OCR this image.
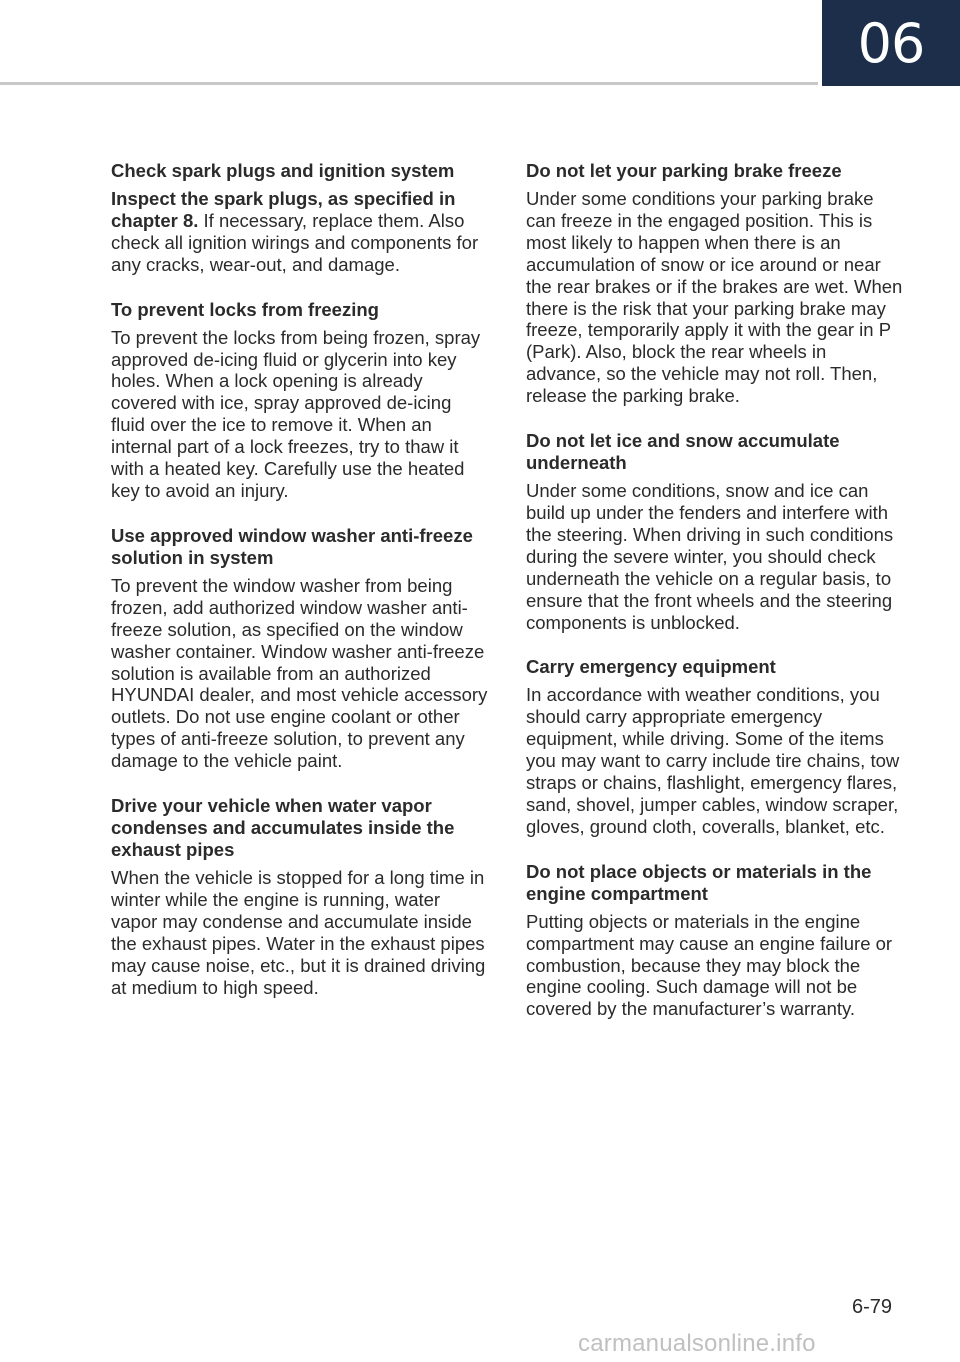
06
Check spark plugs and ignition system

Inspect the spark plugs, as specified in chapter 8. If necessary, replace them. Also check all ignition wirings and components for any cracks, wear-out, and damage.

To prevent locks from freezing

To prevent the locks from being frozen, spray approved de-icing fluid or glycerin into key holes. When a lock opening is already covered with ice, spray approved de-icing fluid over the ice to remove it. When an internal part of a lock freezes, try to thaw it with a heated key. Carefully use the heated key to avoid an injury.

Use approved window washer anti-freeze solution in system

To prevent the window washer from being frozen, add authorized window washer anti-freeze solution, as specified on the window washer container. Window washer anti-freeze solution is available from an authorized HYUNDAI dealer, and most vehicle accessory outlets. Do not use engine coolant or other types of anti-freeze solution, to prevent any damage to the vehicle paint.

Drive your vehicle when water vapor condenses and accumulates inside the exhaust pipes

When the vehicle is stopped for a long time in winter while the engine is running, water vapor may condense and accumulate inside the exhaust pipes. Water in the exhaust pipes may cause noise, etc., but it is drained driving at medium to high speed.

Do not let your parking brake freeze

Under some conditions your parking brake can freeze in the engaged position. This is most likely to happen when there is an accumulation of snow or ice around or near the rear brakes or if the brakes are wet. When there is the risk that your parking brake may freeze, temporarily apply it with the gear in P (Park). Also, block the rear wheels in advance, so the vehicle may not roll. Then, release the parking brake.

Do not let ice and snow accumulate underneath

Under some conditions, snow and ice can build up under the fenders and interfere with the steering. When driving in such conditions during the severe winter, you should check underneath the vehicle on a regular basis, to ensure that the front wheels and the steering components is unblocked.

Carry emergency equipment

In accordance with weather conditions, you should carry appropriate emergency equipment, while driving. Some of the items you may want to carry include tire chains, tow straps or chains, flashlight, emergency flares, sand, shovel, jumper cables, window scraper, gloves, ground cloth, coveralls, blanket, etc.

Do not place objects or materials in the engine compartment

Putting objects or materials in the engine compartment may cause an engine failure or combustion, because they may block the engine cooling. Such damage will not be covered by the manufacturer’s warranty.

6-79
carmanualsonline.info
